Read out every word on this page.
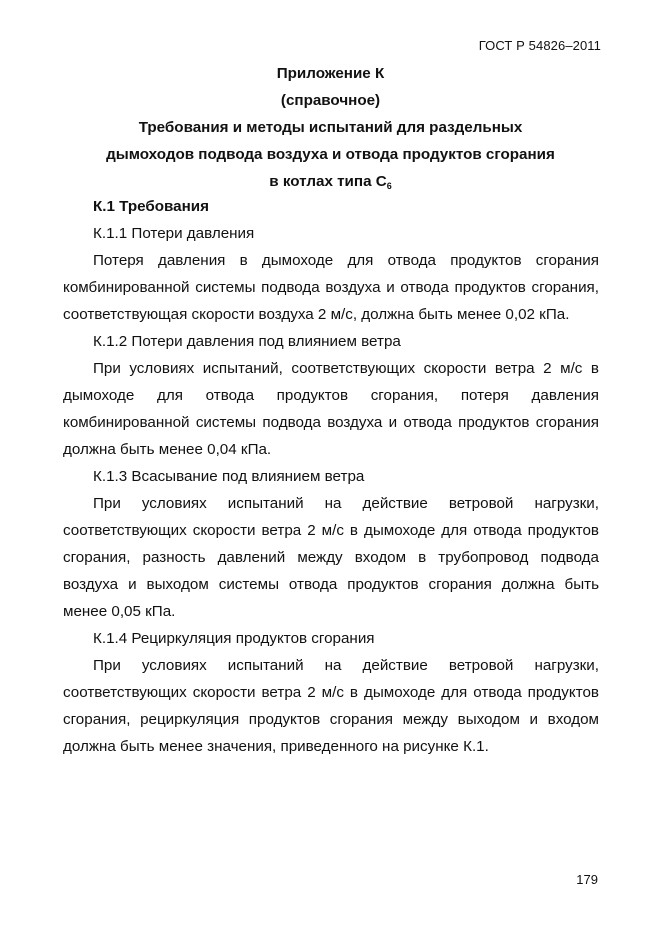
ГОСТ Р 54826–2011
Приложение К
(справочное)
Требования и методы испытаний для раздельных
дымоходов подвода воздуха и отвода продуктов сгорания
в котлах типа $C_6$

К.1 Требования

К.1.1 Потери давления

Потеря давления в дымоходе для отвода продуктов сгорания комбинированной системы подвода воздуха и отвода продуктов сгорания, соответствующая скорости воздуха 2 м/с, должна быть менее 0,02 кПа.

К.1.2 Потери давления под влиянием ветра

При условиях испытаний, соответствующих скорости ветра 2 м/с в дымоходе для отвода продуктов сгорания, потеря давления комбинированной системы подвода воздуха и отвода продуктов сгорания должна быть менее 0,04 кПа.

К.1.3 Всасывание под влиянием ветра

При условиях испытаний на действие ветровой нагрузки, соответствующих скорости ветра 2 м/с в дымоходе для отвода продуктов сгорания, разность давлений между входом в трубопровод подвода воздуха и выходом системы отвода продуктов сгорания должна быть менее 0,05 кПа.

К.1.4 Рециркуляция продуктов сгорания

При условиях испытаний на действие ветровой нагрузки, соответствующих скорости ветра 2 м/с в дымоходе для отвода продуктов сгорания, рециркуляция продуктов сгорания между выходом и входом должна быть менее значения, приведенного на рисунке К.1.

179
